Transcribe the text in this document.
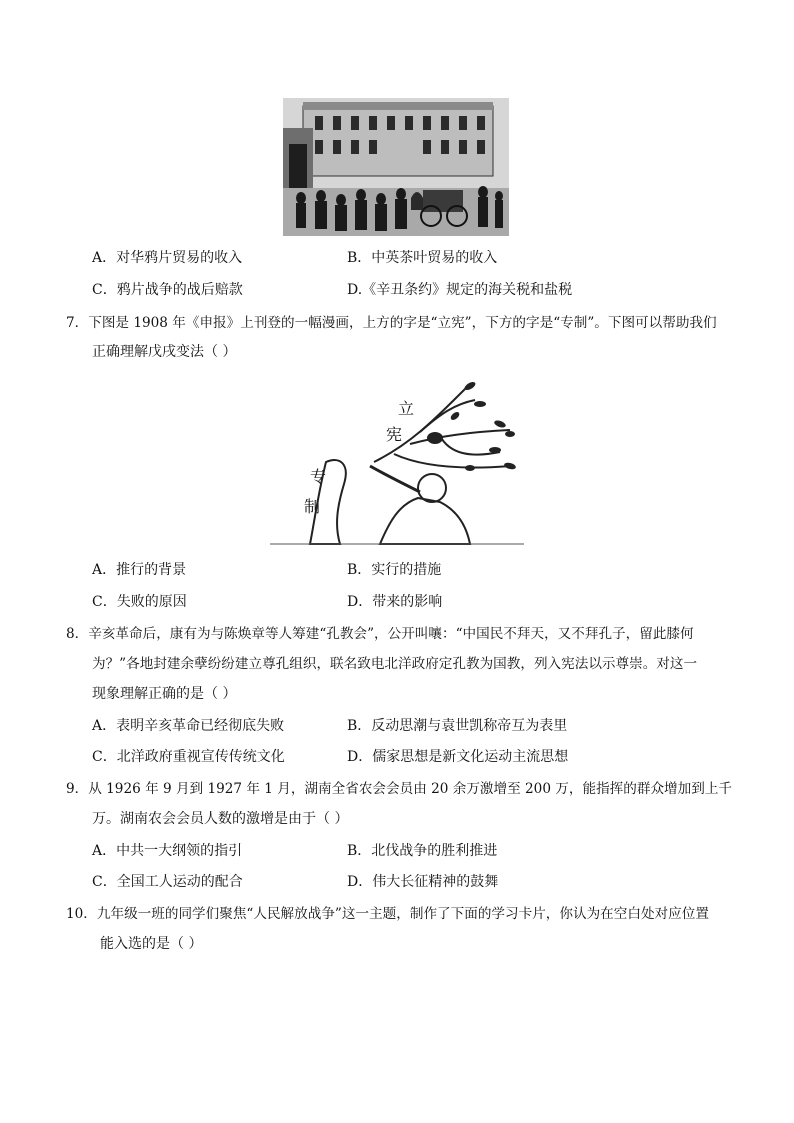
A．对华鸦片贸易的收入	B．中英茶叶贸易的收入
C．鸦片战争的战后赔款	D.《辛丑条约》规定的海关税和盐税
7．下图是 1908 年《申报》上刊登的一幅漫画，上方的字是“立宪”，下方的字是“专制”。下图可以帮助我们
正确理解戊戌变法（ ）
立
宪
专
制
A．推行的背景	B．实行的措施
C．失败的原因	D．带来的影响
8．辛亥革命后，康有为与陈焕章等人筹建“孔教会”，公开叫嚷：“中国民不拜天，又不拜孔子，留此膝何
为？”各地封建余孽纷纷建立尊孔组织，联名致电北洋政府定孔教为国教，列入宪法以示尊崇。对这一
现象理解正确的是（ ）
A．表明辛亥革命已经彻底失败	B．反动思潮与袁世凯称帝互为表里
C．北洋政府重视宣传传统文化	D．儒家思想是新文化运动主流思想
9．从 1926 年 9 月到 1927 年 1 月，湖南全省农会会员由 20 余万激增至 200 万，能指挥的群众增加到上千
万。湖南农会会员人数的激增是由于（ ）
A．中共一大纲领的指引	B．北伐战争的胜利推进
C．全国工人运动的配合	D．伟大长征精神的鼓舞
10．九年级一班的同学们聚焦“人民解放战争”这一主题，制作了下面的学习卡片，你认为在空白处对应位置
能入选的是（ ）
